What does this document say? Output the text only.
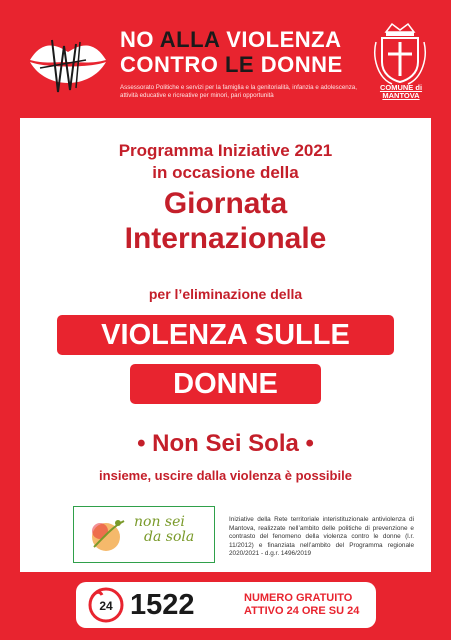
NO ALLA VIOLENZA
CONTRO LE DONNE
Assessorato Politiche e servizi per la famiglia e la genitorialità, infanzia e adolescenza, attività educative e ricreative per minori, pari opportunità
COMUNE di
MANTOVA
Programma Iniziative 2021
in occasione della
Giornata
Internazionale
per l’eliminazione della
VIOLENZA SULLE
DONNE
• Non Sei Sola •
insieme, uscire dalla violenza è possibile
non sei
da sola
Iniziative della Rete territoriale interistituzionale antiviolenza di Mantova, realizzate nell’ambito delle politiche di prevenzione e contrasto del fenomeno della violenza contro le donne (l.r. 11/2012) e finanziata nell’ambito del Programma regionale 2020/2021 - d.g.r. 1496/2019
24 1522	NUMERO GRATUITO
ATTIVO 24 ORE SU 24
